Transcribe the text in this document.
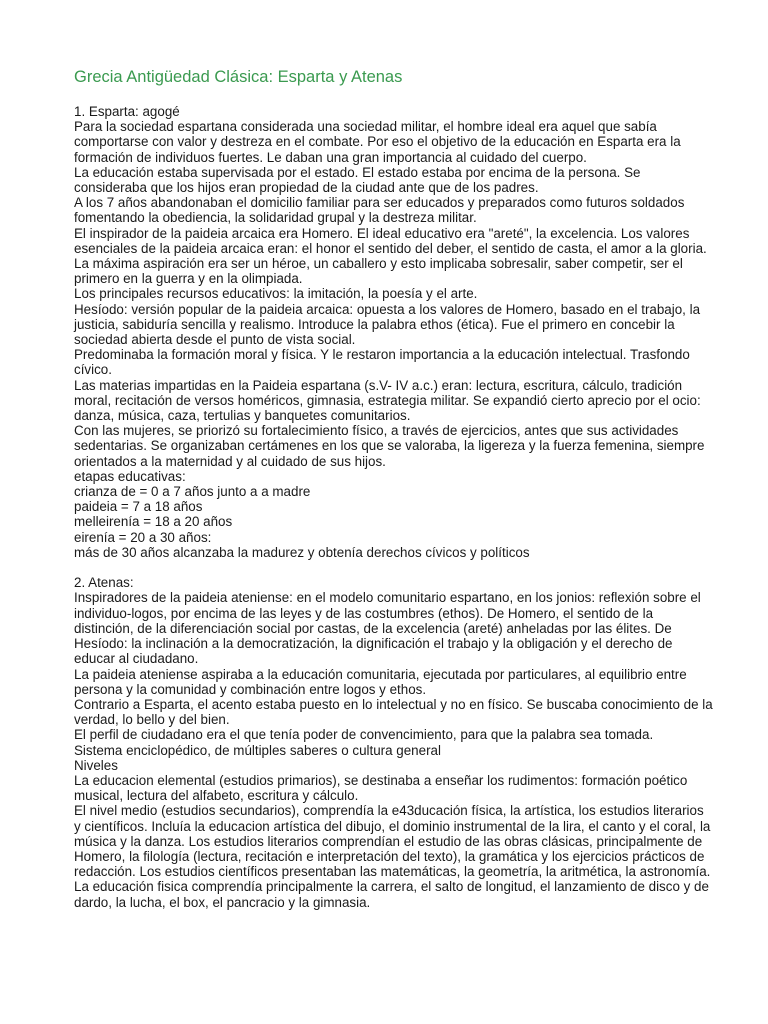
Grecia Antigüedad Clásica: Esparta y Atenas

1. Esparta: agogé

Para la sociedad espartana considerada una sociedad militar, el hombre ideal era aquel que sabía comportarse con valor y destreza en el combate. Por eso el objetivo de la educación en Esparta era la formación de individuos fuertes. Le daban una gran importancia al cuidado del cuerpo.

La educación estaba supervisada por el estado. El estado estaba por encima de la persona. Se consideraba que los hijos eran propiedad de la ciudad ante que de los padres.

A los 7 años abandonaban el domicilio familiar para ser educados y preparados como futuros soldados fomentando la obediencia, la solidaridad grupal y la destreza militar.

El inspirador de la paideia arcaica era Homero. El ideal educativo era "areté", la excelencia. Los valores esenciales de la paideia arcaica eran: el honor el sentido del deber, el sentido de casta, el amor a la gloria.

La máxima aspiración era ser un héroe, un caballero y esto implicaba sobresalir, saber competir, ser el primero en la guerra y en la olimpiada.

Los principales recursos educativos: la imitación, la poesía y el arte.

Hesíodo: versión popular de la paideia arcaica: opuesta a los valores de Homero, basado en el trabajo, la justicia, sabiduría sencilla y realismo. Introduce la palabra ethos (ética). Fue el primero en concebir la sociedad abierta desde el punto de vista social.

Predominaba la formación moral y física. Y le restaron importancia a la educación intelectual. Trasfondo cívico.

Las materias impartidas en la Paideia espartana (s.V- IV a.c.) eran: lectura, escritura, cálculo, tradición moral, recitación de versos homéricos, gimnasia, estrategia militar. Se expandió cierto aprecio por el ocio: danza, música, caza, tertulias y banquetes comunitarios.

Con las mujeres, se priorizó su fortalecimiento físico, a través de ejercicios, antes que sus actividades sedentarias. Se organizaban certámenes en los que se valoraba, la ligereza y la fuerza femenina, siempre orientados a la maternidad y al cuidado de sus hijos.

etapas educativas:

crianza de = 0 a 7 años junto a a madre

paideia = 7 a 18 años

melleirenía = 18 a 20 años

eirenía = 20 a 30 años:

más de 30 años alcanzaba la madurez y obtenía derechos cívicos y políticos

2. Atenas:

Inspiradores de la paideia ateniense: en el modelo comunitario espartano, en los jonios: reflexión sobre el individuo-logos, por encima de las leyes y de las costumbres (ethos). De Homero, el sentido de la distinción, de la diferenciación social por castas, de la excelencia (areté) anheladas por las élites. De Hesíodo: la inclinación a la democratización, la dignificación el trabajo y la obligación y el derecho de educar al ciudadano.

La paideia ateniense aspiraba a la educación comunitaria, ejecutada por particulares, al equilibrio entre persona y la comunidad y combinación entre logos y ethos.

Contrario a Esparta, el acento estaba puesto en lo intelectual y no en físico. Se buscaba conocimiento de la verdad, lo bello y del bien.

El perfil de ciudadano era el que tenía poder de convencimiento, para que la palabra sea tomada.

Sistema enciclopédico, de múltiples saberes o cultura general

Niveles

La educacion elemental (estudios primarios), se destinaba a enseñar los rudimentos: formación poético musical, lectura del alfabeto, escritura y cálculo.

El nivel medio (estudios secundarios), comprendía la e43ducación física, la artística, los estudios literarios y científicos. Incluía la educacion artística del dibujo, el dominio instrumental de la lira, el canto y el coral, la música y la danza. Los estudios literarios comprendían el estudio de las obras clásicas, principalmente de Homero, la filología (lectura, recitación e interpretación del texto), la gramática y los ejercicios prácticos de redacción. Los estudios científicos presentaban las matemáticas, la geometría, la aritmética, la astronomía. La educación fisica comprendía principalmente la carrera, el salto de longitud, el lanzamiento de disco y de dardo, la lucha, el box, el pancracio y la gimnasia.
